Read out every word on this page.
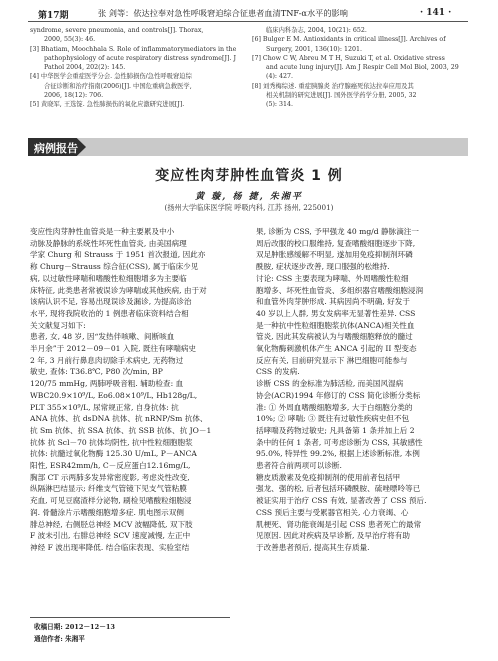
第17期	张 剑等：依达拉奉对急性呼吸窘迫综合征患者血清TNF-α水平的影响	· 141 ·
syndrome, severe pneumonia, and controls[J]. Thorax,
2000, 55(3): 46.
[3] Bhatiam, Moochhala S. Role of inflammatorymediators in the
pathophysiology of acute respiratory distress syndrome[J]. J
Pathol 2004, 202(2): 145.
[4] 中华医学会重症医学分会. 急性肺损伤/急性呼吸窘迫综
合征诊断和治疗指南(2006)[J]. 中国危重病急救医学,
2006, 18(12): 706.
[5] 黄晓军, 王选锭. 急性肺损伤的氧化应激研究进展[J].
临床内科杂志, 2004, 10(21): 652.
[6] Bulger E M. Antioxidants in critical illness[J]. Archives of
Surgery, 2001, 136(10): 1201.
[7] Chow C W, Abreu M T H, Suzuki T, et al. Oxidative stress
and acute lung injury[J]. Am J Respir Cell Mol Biol, 2003, 29
(4): 427.
[8] 刘秀梅综述. 重症胰腺炎 治疗腺癌死依达拉奉应用及其
相关机制的研究进展[J]. 国外医学药学分册, 2005, 32
(5): 314.
病例报告
变应性肉芽肿性血管炎 1 例
黄 璇, 杨 捷, 朱湘平
(扬州大学临床医学院 呼吸内科, 江苏 扬州, 225001)
变应性肉芽肿性血管炎是一种主要累及中小
动脉及静脉的系统性坏死性血管炎, 由美国病理
学家 Churg 和 Strauss 于 1951 首次报道, 因此亦
称 Churg－Strauss 综合征(CSS), 属于临床少见
病, 以过敏性哮喘和嗜酸性粒细胞增多为主要临
床特征, 此类患者常被误诊为哮喘或其他疾病, 由于对
该病认识不足, 容易出现误诊及漏诊, 为提高诊治
水平, 现将我院收治的 1 例患者临床资料结合相
关文献复习如下:
患者, 女, 48 岁, 因“发热伴咳嗽、间断咳血
半月余”于 2012－09－01 入院, 既往有哮喘病史
2 年, 3 月前行鼻息肉切除手术病史, 无药物过
敏史, 查体: T36.8℃, P80 次/min, BP
120/75 mmHg, 两肺呼吸音粗. 辅助检查: 血
WBC20.9×10⁹/L, Eo6.08×10⁹/L, Hb128g/L,
PLT 355×10⁹/L, 尿常规正常, 自身抗体: 抗
ANA 抗体、抗 dsDNA 抗体、抗 nRNP/Sm 抗体、
抗 Sm 抗体、抗 SSA 抗体、抗 SSB 抗体、抗 JO－1
抗体 抗 Scl－70 抗体均阴性, 抗中性粒细胞胞浆
抗体: 抗髓过氧化物酶 125.30 U/mL, P－ANCA
阳性, ESR42mm/h, C－反应蛋白12.16mg/L,
胸部 CT 示两肺多发异常密度影, 考虑炎性改变,
纵隔淋巴结显示; 纤维支气管镜下见支气管粘膜
充血, 可见豆腐渣样分泌物, 刷检见嗜酸粒细胞浸
润. 骨髓涂片示嗜酸细胞增多症. 肌电图示双侧
腓总神经, 右侧胫总神经 MCV 波幅降低, 双下肢
F 波未引出, 右腓总神经 SCV 速度减慢, 左正中
神经 F 波出现率降低. 结合临床表现、实验室结
果, 诊断为 CSS, 予甲强龙 40 mg/d 静脉滴注一
周后改服的校口服维持, 复查嗜酸细胞逐步下降,
双足肿胀感缓解不明显, 遂加用免疫抑制剂环磷
酰胺, 症状逐步改善, 现口服强的松维持.
讨论: CSS 主要表现为哮喘、外周嗜酸性粒细
胞增多、坏死性血管炎、多组织器官嗜酸细胞浸润
和血管外肉芽肿形成. 其病因尚不明确, 好发于
40 岁以上人群, 男女发病率无显著性差异. CSS
是一种抗中性粒细胞胞浆抗体(ANCA)相关性血
管炎, 因此其发病被认为与嗜酸细胞释放的髓过
氧化物酶刺激机体产生 ANCA 引起的 II 型变态
反应有关, 目前研究显示下 淋巴细胞可能参与
CSS 的发病.
诊断 CSS 的金标准为肺活检, 而美国风湿病
协会(ACR)1994 年修订的 CSS 简化诊断分类标
准: ① 外周血嗜酸细胞增多, 大于白细胞分类的
10%; ② 哮喘; ③ 既往有过敏性疾病史但不包
括哮喘及药物过敏史; 凡具备第 1 条并加上后 2
条中的任何 1 条者, 可考虑诊断为 CSS, 其敏感性
95.0%, 特异性 99.2%, 根据上述诊断标准, 本例
患者符合前两项可以诊断.
糖皮质激素及免疫抑制剂的使用前者包括甲
强龙、强的松, 后者包括环磷酰胺、硫唑嘌呤等已
被证实用于治疗 CSS 有效, 显著改善了 CSS 预后.
CSS 预后主要与受累器官相关, 心力衰竭、心
肌梗死、肾功能衰竭是引起 CSS 患者死亡的最常
见原因. 因此对疾病及早诊断, 及早治疗将有助
于改善患者预后, 提高其生存质量.
收稿日期: 2012－12－13
通信作者: 朱湘平
